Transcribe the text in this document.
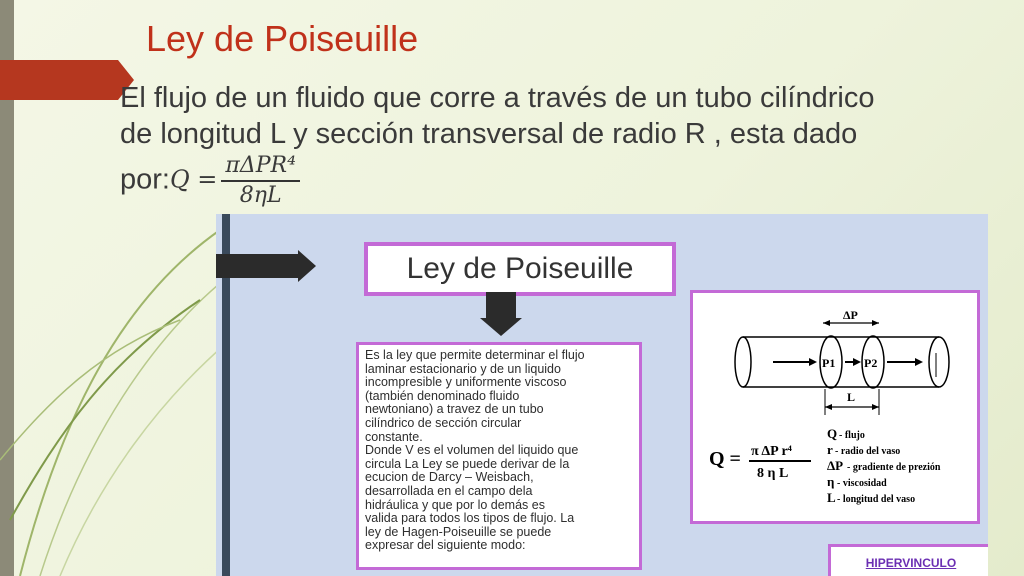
Ley de Poiseuille

El flujo de un fluido que corre a través de un tubo cilíndrico

de longitud L y sección transversal de radio R , esta dado

por:Q = $\frac{\text{πΔPR⁴}}{8\eta L}$

Ley de Poiseuille
Es la ley que permite determinar el flujo
laminar estacionario y de un liquido
incompresible y uniformente viscoso
(también denominado fluido
newtoniano) a travez de un tubo
cilíndrico de sección circular
constante.
Donde V es el volumen del liquido que
circula La Ley se puede derivar de la
ecucion de Darcy – Weisbach,
desarrollada en el campo dela
hidráulica y que por lo demás es
valida para todos los tipos de flujo. La
ley de Hagen-Poiseuille se puede
expresar del siguiente modo:
ΔP
P1 P2
L
Q = π ΔP r⁴
8 η L
Q - flujo
r - radio del vaso
ΔP - gradiente de prezión
η - viscosidad
L - longitud del vaso
HIPERVINCULO
